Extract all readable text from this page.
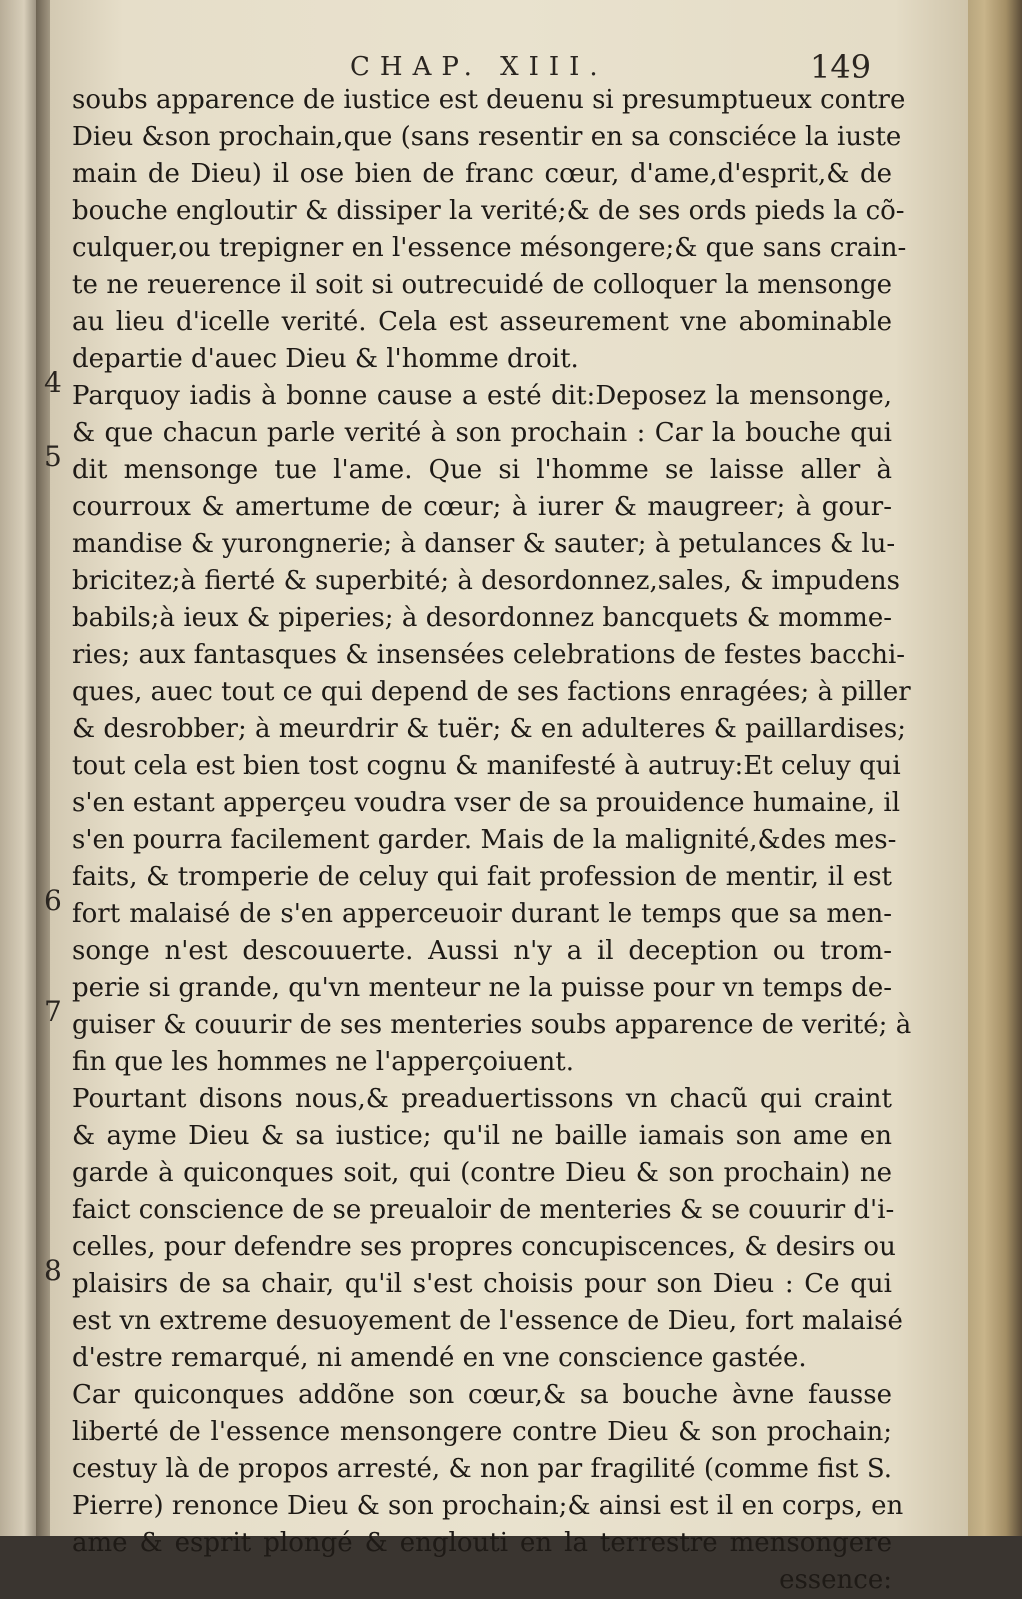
CHAP. XIII.	149
4
5
6
7
8
soubs apparence de iustice est deuenu si presumptueux contre
Dieu &son prochain,que (sans resentir en sa consciéce la iuste
main de Dieu) il ose bien de franc cœur, d'ame,d'esprit,& de
bouche engloutir & dissiper la verité;& de ses ords pieds la cõ-
culquer,ou trepigner en l'essence mésongere;& que sans crain-
te ne reuerence il soit si outrecuidé de colloquer la mensonge
au lieu d'icelle verité. Cela est asseurement vne abominable
departie d'auec Dieu & l'homme droit.
Parquoy iadis à bonne cause a esté dit:Deposez la mensonge,
& que chacun parle verité à son prochain : Car la bouche qui
dit mensonge tue l'ame. Que si l'homme se laisse aller à
courroux & amertume de cœur; à iurer & maugreer; à gour-
mandise & yurongnerie; à danser & sauter; à petulances & lu-
bricitez;à fierté & superbité; à desordonnez,sales, & impudens
babils;à ieux & piperies; à desordonnez bancquets & momme-
ries; aux fantasques & insensées celebrations de festes bacchi-
ques, auec tout ce qui depend de ses factions enragées; à piller
& desrobber; à meurdrir & tuër; & en adulteres & paillardises;
tout cela est bien tost cognu & manifesté à autruy:Et celuy qui
s'en estant apperçeu voudra vser de sa prouidence humaine, il
s'en pourra facilement garder. Mais de la malignité,&des mes-
faits, & tromperie de celuy qui fait profession de mentir, il est
fort malaisé de s'en apperceuoir durant le temps que sa men-
songe n'est descouuerte. Aussi n'y a il deception ou trom-
perie si grande, qu'vn menteur ne la puisse pour vn temps de-
guiser & couurir de ses menteries soubs apparence de verité; à
fin que les hommes ne l'apperçoiuent.
Pourtant disons nous,& preaduertissons vn chacũ qui craint
& ayme Dieu & sa iustice; qu'il ne baille iamais son ame en
garde à quiconques soit, qui (contre Dieu & son prochain) ne
faict conscience de se preualoir de menteries & se couurir d'i-
celles, pour defendre ses propres concupiscences, & desirs ou
plaisirs de sa chair, qu'il s'est choisis pour son Dieu : Ce qui
est vn extreme desuoyement de l'essence de Dieu, fort malaisé
d'estre remarqué, ni amendé en vne conscience gastée.
Car quiconques addõne son cœur,& sa bouche àvne fausse
liberté de l'essence mensongere contre Dieu & son prochain;
cestuy là de propos arresté, & non par fragilité (comme fist S.
Pierre) renonce Dieu & son prochain;& ainsi est il en corps, en
ame & esprit plongé & englouti en la terrestre mensongere
essence:
